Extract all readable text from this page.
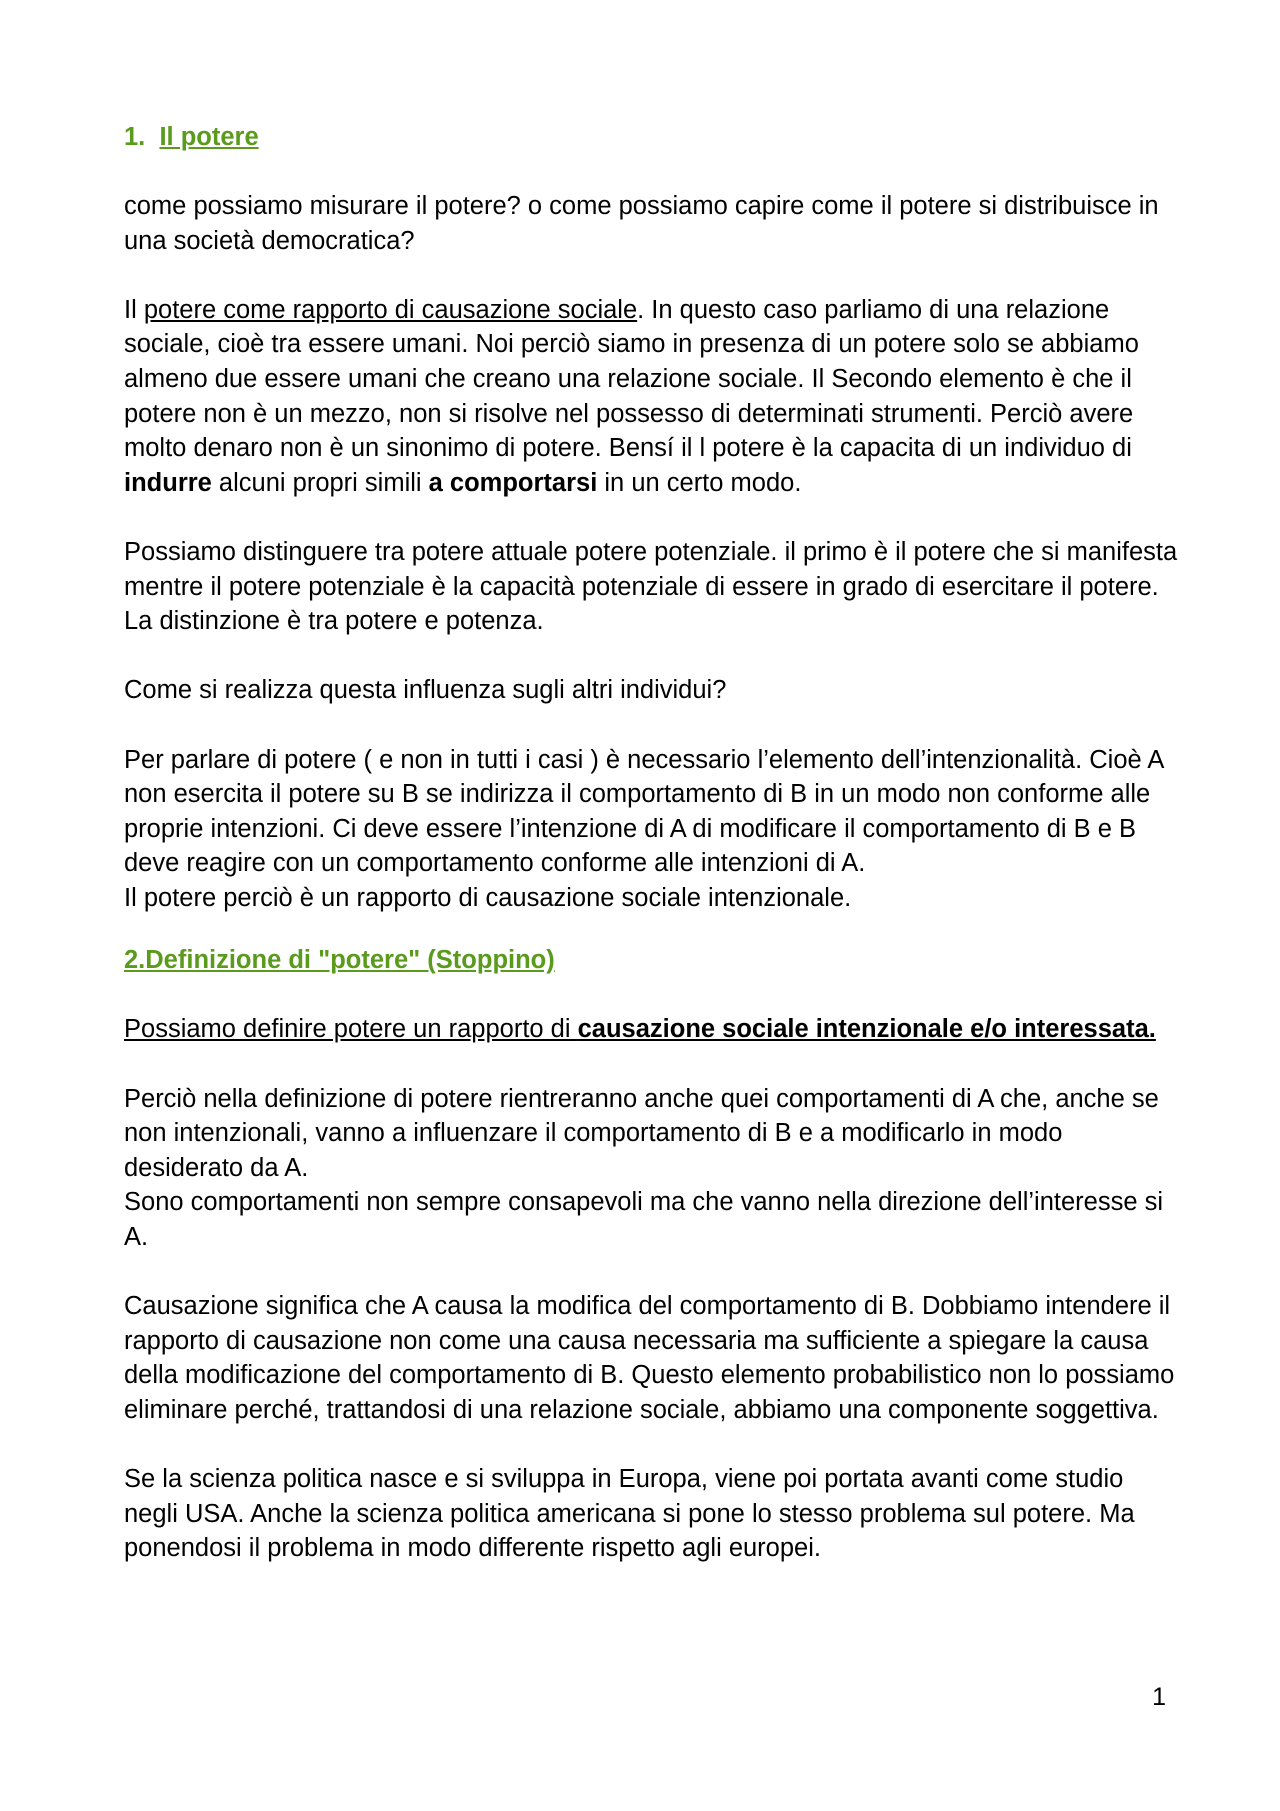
1. Il potere

come possiamo misurare il potere? o come possiamo capire come il potere si distribuisce in una società democratica?

Il potere come rapporto di causazione sociale. In questo caso parliamo di una relazione sociale, cioè tra essere umani. Noi perciò siamo in presenza di un potere solo se abbiamo almeno due essere umani che creano una relazione sociale. Il Secondo elemento è che il potere non è un mezzo, non si risolve nel possesso di determinati strumenti. Perciò avere molto denaro non è un sinonimo di potere. Bensí il l potere è la capacita di un individuo di indurre alcuni propri simili a comportarsi in un certo modo.

Possiamo distinguere tra potere attuale potere potenziale. il primo è il potere che si manifesta mentre il potere potenziale è la capacità potenziale di essere in grado di esercitare il potere. La distinzione è tra potere e potenza.

Come si realizza questa influenza sugli altri individui?

Per parlare di potere ( e non in tutti i casi ) è necessario l’elemento dell’intenzionalità. Cioè A non esercita il potere su B se indirizza il comportamento di B in un modo non conforme alle proprie intenzioni. Ci deve essere l’intenzione di A di modificare il comportamento di B e B deve reagire con un comportamento conforme alle intenzioni di A.

Il potere perciò è un rapporto di causazione sociale intenzionale.

2.Definizione di "potere" (Stoppino)

Possiamo definire potere un rapporto di causazione sociale intenzionale e/o interessata.

Perciò nella definizione di potere rientreranno anche quei comportamenti di A che, anche se non intenzionali, vanno a influenzare il comportamento di B e a modificarlo in modo desiderato da A.

Sono comportamenti non sempre consapevoli ma che vanno nella direzione dell’interesse si A.

Causazione significa che A causa la modifica del comportamento di B. Dobbiamo intendere il rapporto di causazione non come una causa necessaria ma sufficiente a spiegare la causa della modificazione del comportamento di B. Questo elemento probabilistico non lo possiamo eliminare perché, trattandosi di una relazione sociale, abbiamo una componente soggettiva.

Se la scienza politica nasce e si sviluppa in Europa, viene poi portata avanti come studio negli USA. Anche la scienza politica americana si pone lo stesso problema sul potere. Ma ponendosi il problema in modo differente rispetto agli europei.

1
